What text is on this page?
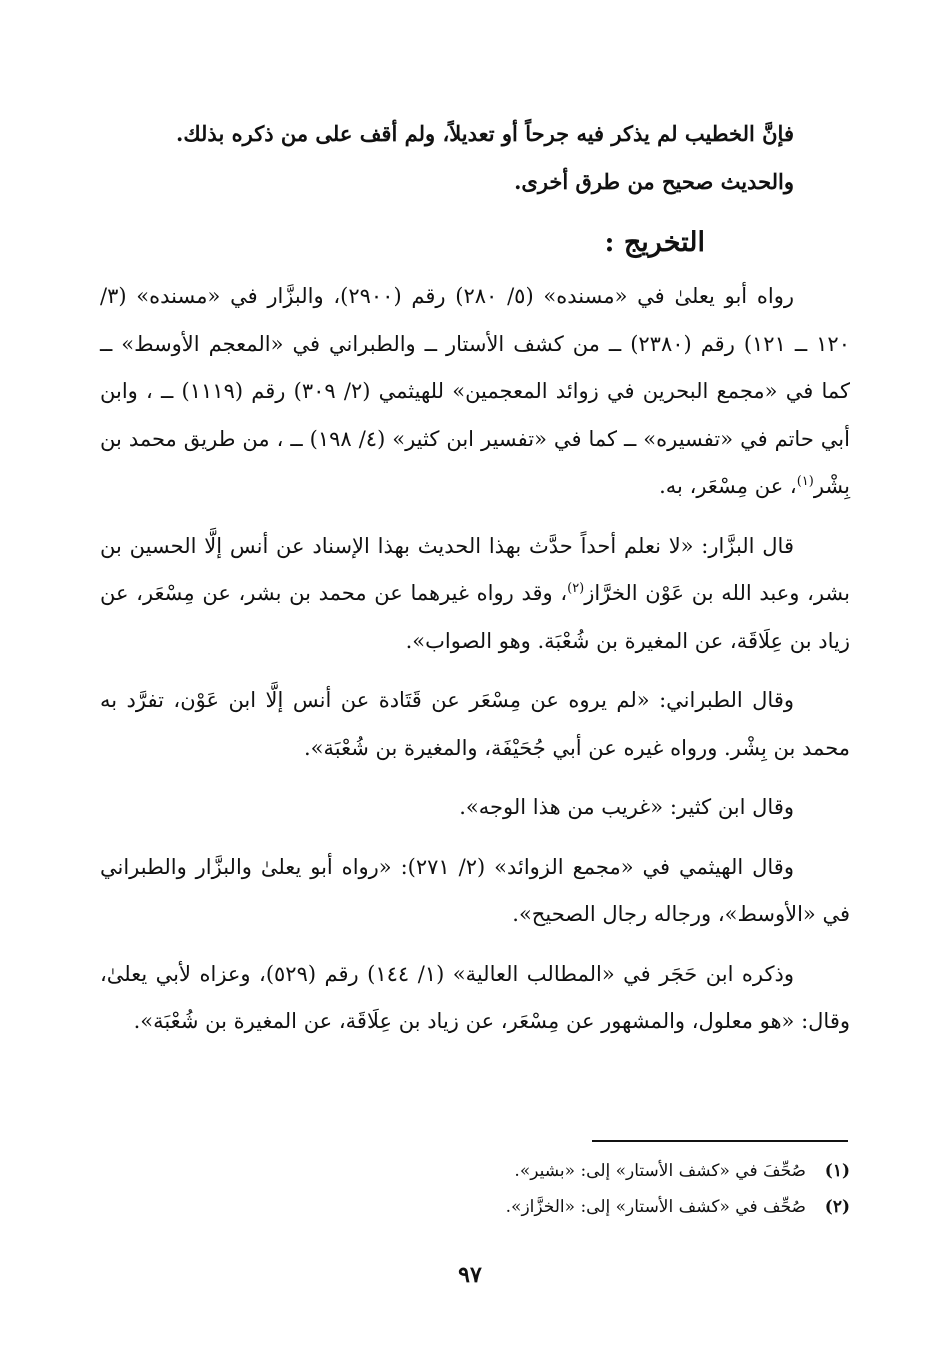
فإنَّ الخطيب لم يذكر فيه جرحاً أو تعديلاً، ولم أقف على من ذكره بذلك.

والحديث صحيح من طرق أخرى.

التخريج :

رواه أبو يعلىٰ في «مسنده» (٥/ ٢٨٠) رقم (٢٩٠٠)، والبزَّار في «مسنده» (٣/ ١٢٠ ــ ١٢١) رقم (٢٣٨٠) ــ من كشف الأستار ــ والطبراني في «المعجم الأوسط» ــ كما في «مجمع البحرين في زوائد المعجمين» للهيثمي (٢/ ٣٠٩) رقم (١١١٩) ــ ، وابن أبي حاتم في «تفسيره» ــ كما في «تفسير ابن كثير» (٤/ ١٩٨) ــ ، من طريق محمد بن بِشْر$^{(١)}$، عن مِسْعَر، به.

قال البزَّار: «لا نعلم أحداً حدَّث بهذا الحديث بهذا الإسناد عن أنس إلَّا الحسين بن بشر، وعبد الله بن عَوْن الخرَّاز$^{(٢)}$، وقد رواه غيرهما عن محمد بن بشر، عن مِسْعَر، عن زياد بن عِلَاقَة، عن المغيرة بن شُعْبَة. وهو الصواب».

وقال الطبراني: «لم يروه عن مِسْعَر عن قَتَادة عن أنس إلَّا ابن عَوْن، تفرَّد به محمد بن بِشْر. ورواه غيره عن أبي جُحَيْفَة، والمغيرة بن شُعْبَة».

وقال ابن كثير: «غريب من هذا الوجه».

وقال الهيثمي في «مجمع الزوائد» (٢/ ٢٧١): «رواه أبو يعلىٰ والبزَّار والطبراني في «الأوسط»، ورجاله رجال الصحيح».

وذكره ابن حَجَر في «المطالب العالية» (١/ ١٤٤) رقم (٥٢٩)، وعزاه لأبي يعلىٰ، وقال: «هو معلول، والمشهور عن مِسْعَر، عن زياد بن عِلَاقَة، عن المغيرة بن شُعْبَة».

(١)صُحِّفَ في «كشف الأستار» إلى: «بشير».

(٢)صُحِّف في «كشف الأستار» إلى: «الخزَّاز».

٩٧
